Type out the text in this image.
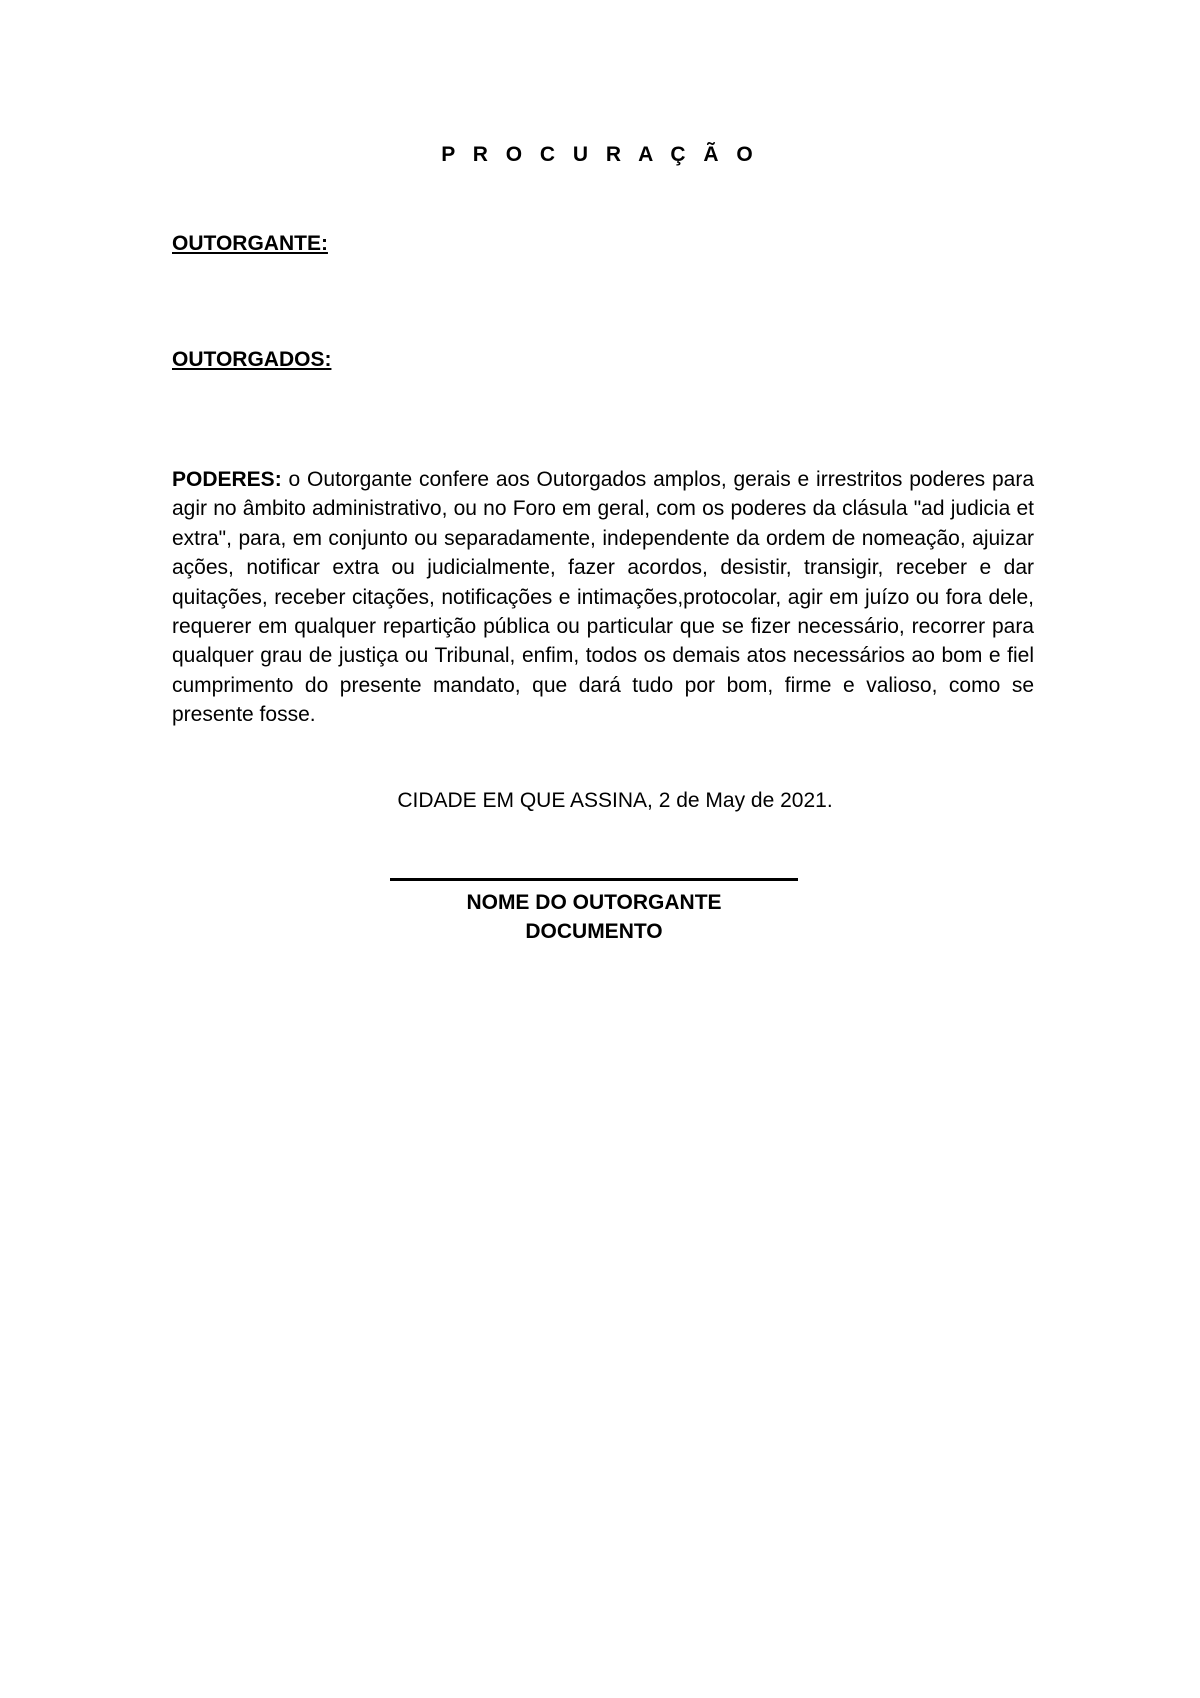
P R O C U R A Ç Ã O
OUTORGANTE:
OUTORGADOS:
PODERES: o Outorgante confere aos Outorgados amplos, gerais e irrestritos poderes para agir no âmbito administrativo, ou no Foro em geral, com os poderes da clásula "ad judicia et extra", para, em conjunto ou separadamente, independente da ordem de nomeação, ajuizar ações, notificar extra ou judicialmente, fazer acordos, desistir, transigir, receber e dar quitações, receber citações, notificações e intimações,protocolar, agir em juízo ou fora dele, requerer em qualquer repartição pública ou particular que se fizer necessário, recorrer para qualquer grau de justiça ou Tribunal, enfim, todos os demais atos necessários ao bom e fiel cumprimento do presente mandato, que dará tudo por bom, firme e valioso, como se presente fosse.
CIDADE EM QUE ASSINA, 2 de May de 2021.
NOME DO OUTORGANTE
DOCUMENTO
